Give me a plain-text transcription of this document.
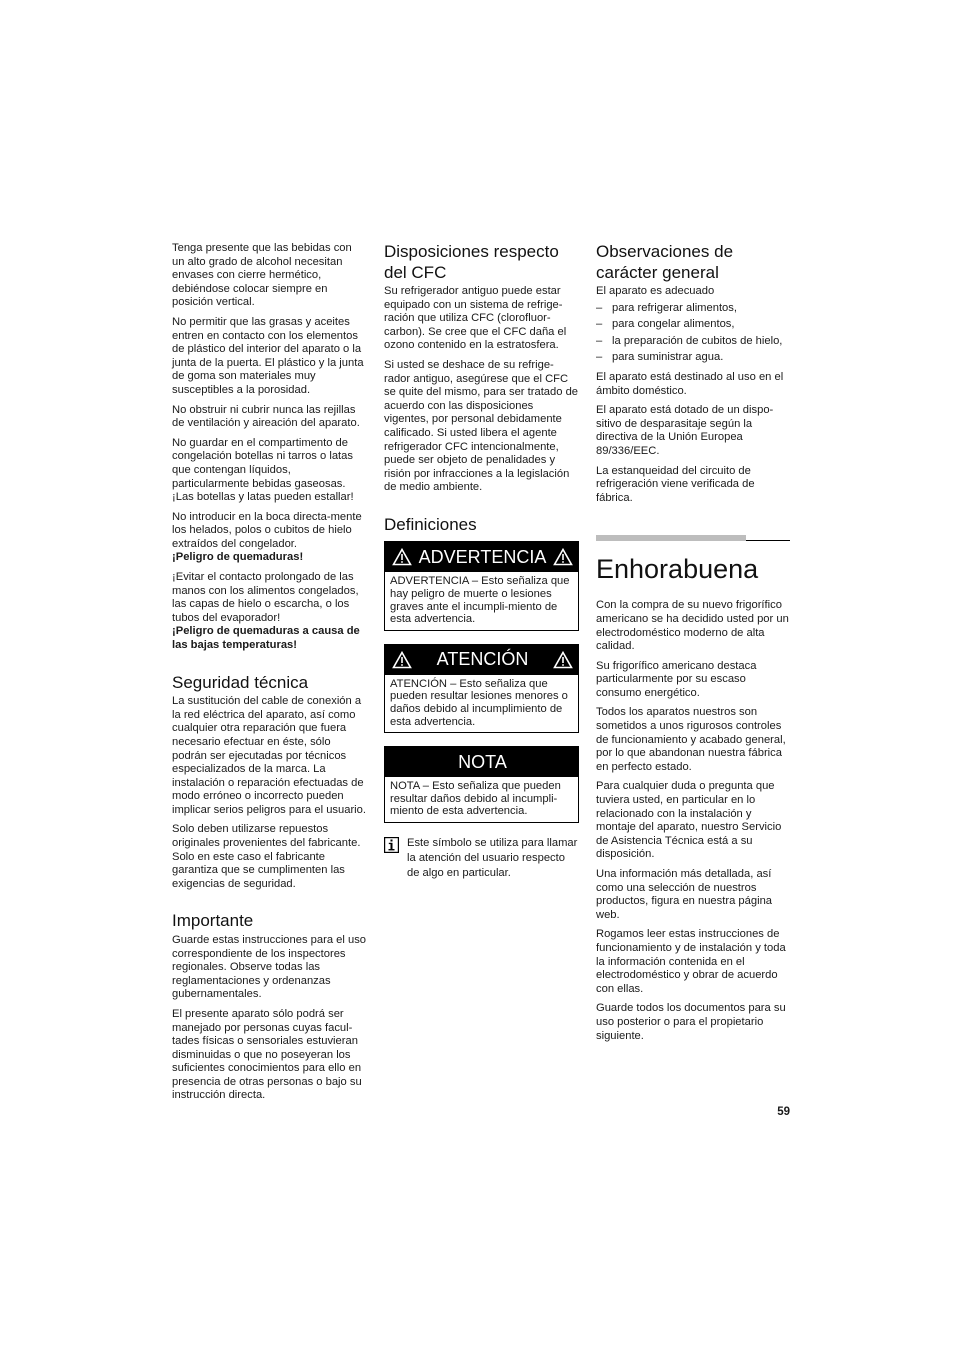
Tenga presente que las bebidas con un alto grado de alcohol necesitan envases con cierre hermético, debiéndose colocar siempre en posición vertical.

No permitir que las grasas y aceites entren en contacto con los elementos de plástico del interior del aparato o la junta de la puerta. El plástico y la junta de goma son materiales muy susceptibles a la porosidad.

No obstruir ni cubrir nunca las rejillas de ventilación y aireación del aparato.

No guardar en el compartimento de congelación botellas ni tarros o latas que contengan líquidos, particularmente bebidas gaseosas. ¡Las botellas y latas pueden estallar!

No introducir en la boca directa-mente los helados, polos o cubitos de hielo extraídos del congelador.

¡Peligro de quemaduras!

¡Evitar el contacto prolongado de las manos con los alimentos congelados, las capas de hielo o escarcha, o los tubos del evaporador!

¡Peligro de quemaduras a causa de las bajas temperaturas!

Seguridad técnica

La sustitución del cable de conexión a la red eléctrica del aparato, así como cualquier otra reparación que fuera necesario efectuar en éste, sólo podrán ser ejecutadas por técnicos especializados de la marca. La instalación o reparación efectuadas de modo erróneo o incorrecto pueden implicar serios peligros para el usuario.

Solo deben utilizarse repuestos originales provenientes del fabricante. Solo en este caso el fabricante garantiza que se cumplimenten las exigencias de seguridad.

Importante

Guarde estas instrucciones para el uso correspondiente de los inspectores regionales. Observe todas las reglamentaciones y ordenanzas gubernamentales.

El presente aparato sólo podrá ser manejado por personas cuyas facul-tades físicas o sensoriales estuvieran disminuidas o que no poseyeran los suficientes conocimientos para ello en presencia de otras personas o bajo su instrucción directa.

Disposiciones respecto del CFC

Su refrigerador antiguo puede estar equipado con un sistema de refrige-ración que utiliza CFC (clorofluor-carbon). Se cree que el CFC daña el ozono contenido en la estratosfera.

Si usted se deshace de su refrige-rador antiguo, asegúrese que el CFC se quite del mismo, para ser tratado de acuerdo con las disposiciones vigentes, por personal debidamente calificado. Si usted libera el agente refrigerador CFC intencionalmente, puede ser objeto de penalidades y risión por infracciones a la legislación de medio ambiente.

Definiciones
ADVERTENCIA
ADVERTENCIA – Esto señaliza que hay peligro de muerte o lesiones graves ante el incumpli-miento de esta advertencia.
ATENCIÓN
ATENCIÓN – Esto señaliza que pueden resultar lesiones menores o daños debido al incumplimiento de esta advertencia.
NOTA
NOTA – Esto señaliza que pueden resultar daños debido al incumpli-miento de esta advertencia.

Este símbolo se utiliza para llamar la atención del usuario respecto de algo en particular.

Observaciones de carácter general

El aparato es adecuado

– para refrigerar alimentos,
– para congelar alimentos,
– la preparación de cubitos de hielo,
– para suministrar agua.

El aparato está destinado al uso en el ámbito doméstico.

El aparato está dotado de un dispo-sitivo de desparasitaje según la directiva de la Unión Europea 89/336/EEC.

La estanqueidad del circuito de refrigeración viene verificada de fábrica.

Enhorabuena

Con la compra de su nuevo frigorífico americano se ha decidido usted por un electrodoméstico moderno de alta calidad.

Su frigorífico americano destaca particularmente por su escaso consumo energético.

Todos los aparatos nuestros son sometidos a unos rigurosos controles de funcionamiento y acabado general, por lo que abandonan nuestra fábrica en perfecto estado.

Para cualquier duda o pregunta que tuviera usted, en particular en lo relacionado con la instalación y montaje del aparato, nuestro Servicio de Asistencia Técnica está a su disposición.

Una información más detallada, así como una selección de nuestros productos, figura en nuestra página web.

Rogamos leer estas instrucciones de funcionamiento y de instalación y toda la información contenida en el electrodoméstico y obrar de acuerdo con ellas.

Guarde todos los documentos para su uso posterior o para el propietario siguiente.

59
